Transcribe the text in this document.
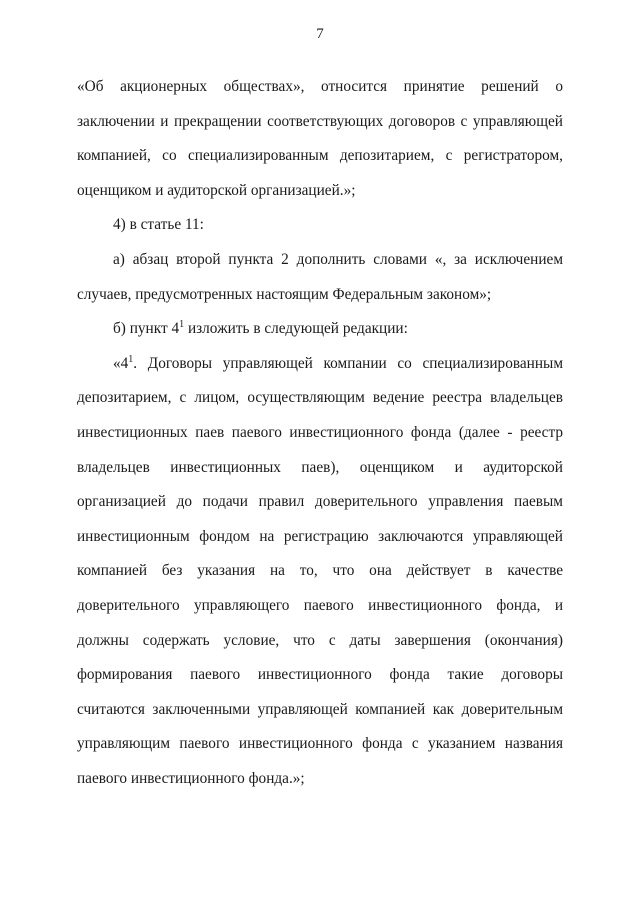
7

«Об акционерных обществах», относится принятие решений о заключении и прекращении соответствующих договоров с управляющей компанией, со специализированным депозитарием, с регистратором, оценщиком и аудиторской организацией.»;

4) в статье 11:

а) абзац второй пункта 2 дополнить словами «, за исключением случаев, предусмотренных настоящим Федеральным законом»;

б) пункт $4^1$ изложить в следующей редакции:

«$4^1$. Договоры управляющей компании со специализированным депозитарием, с лицом, осуществляющим ведение реестра владельцев инвестиционных паев паевого инвестиционного фонда (далее - реестр владельцев инвестиционных паев), оценщиком и аудиторской организацией до подачи правил доверительного управления паевым инвестиционным фондом на регистрацию заключаются управляющей компанией без указания на то, что она действует в качестве доверительного управляющего паевого инвестиционного фонда, и должны содержать условие, что с даты завершения (окончания) формирования паевого инвестиционного фонда такие договоры считаются заключенными управляющей компанией как доверительным управляющим паевого инвестиционного фонда с указанием названия паевого инвестиционного фонда.»;
